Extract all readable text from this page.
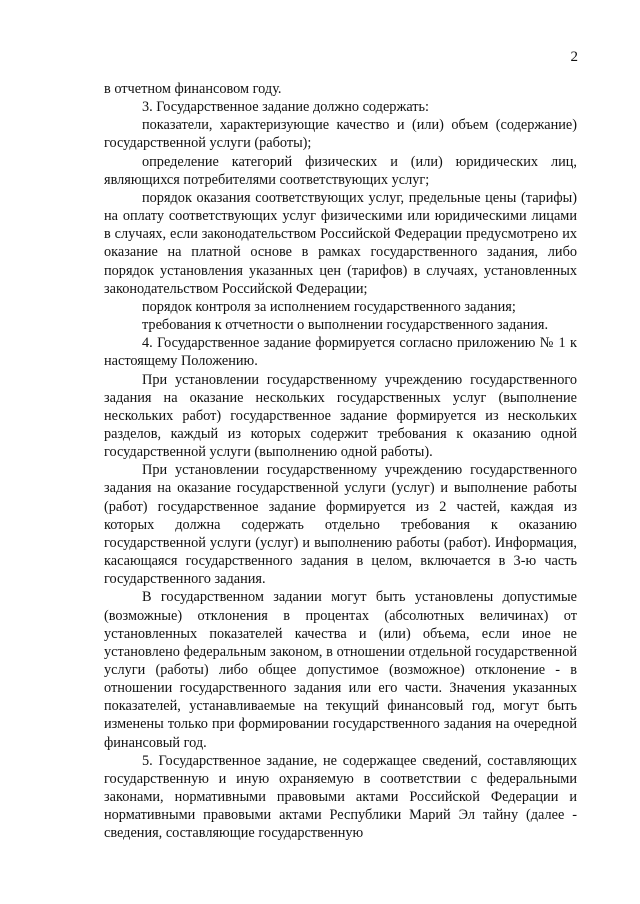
2

в отчетном финансовом году.

3. Государственное задание должно содержать:

показатели, характеризующие качество и (или) объем (содержание) государственной услуги (работы);

определение категорий физических и (или) юридических лиц, являющихся потребителями соответствующих услуг;

порядок оказания соответствующих услуг, предельные цены (тарифы) на оплату соответствующих услуг физическими или юридическими лицами в случаях, если законодательством Российской Федерации предусмотрено их оказание на платной основе в рамках государственного задания, либо порядок установления указанных цен (тарифов) в случаях, установленных законодательством Российской Федерации;

порядок контроля за исполнением государственного задания;

требования к отчетности о выполнении государственного задания.

4. Государственное задание формируется согласно приложению № 1 к настоящему Положению.

При установлении государственному учреждению государственного задания на оказание нескольких государственных услуг (выполнение нескольких работ) государственное задание формируется из нескольких разделов, каждый из которых содержит требования к оказанию одной государственной услуги (выполнению одной работы).

При установлении государственному учреждению государственного задания на оказание государственной услуги (услуг) и выполнение работы (работ) государственное задание формируется из 2 частей, каждая из которых должна содержать отдельно требования к оказанию государственной услуги (услуг) и выполнению работы (работ). Информация, касающаяся государственного задания в целом, включается в 3-ю часть государственного задания.

В государственном задании могут быть установлены допустимые (возможные) отклонения в процентах (абсолютных величинах) от установленных показателей качества и (или) объема, если иное не установлено федеральным законом, в отношении отдельной государственной услуги (работы) либо общее допустимое (возможное) отклонение - в отношении государственного задания или его части. Значения указанных показателей, устанавливаемые на текущий финансовый год, могут быть изменены только при формировании государственного задания на очередной финансовый год.

5. Государственное задание, не содержащее сведений, составляющих государственную и иную охраняемую в соответствии с федеральными законами, нормативными правовыми актами Российской Федерации и нормативными правовыми актами Республики Марий Эл тайну (далее - сведения, составляющие государственную
